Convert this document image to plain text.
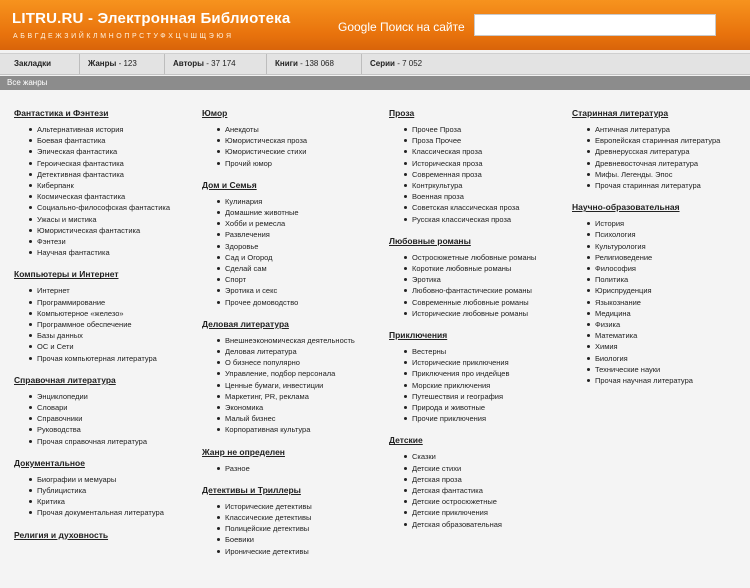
LITRU.RU - Электронная Библиотека
АБВГДЕЖЗИЙКЛМНОПРСТУФХЦЧШЩЭЮЯ
Google Поиск на сайте
Закладки	Жанры - 123	Авторы - 37 174	Книги - 138 068	Серии - 7 052
Все жанры
Фантастика и Фэнтези
Альтернативная история
Боевая фантастика
Эпическая фантастика
Героическая фантастика
Детективная фантастика
Киберпанк
Космическая фантастика
Социально-философская фантастика
Ужасы и мистика
Юмористическая фантастика
Фэнтези
Научная фантастика
Компьютеры и Интернет
Интернет
Программирование
Компьютерное «железо»
Программное обеспечение
Базы данных
ОС и Сети
Прочая компьютерная литература
Справочная литература
Энциклопедии
Словари
Справочники
Руководства
Прочая справочная литература
Документальное
Биографии и мемуары
Публицистика
Критика
Прочая документальная литература
Религия и духовность
Юмор
Анекдоты
Юмористическая проза
Юмористические стихи
Прочий юмор
Дом и Семья
Кулинария
Домашние животные
Хобби и ремесла
Развлечения
Здоровье
Сад и Огород
Сделай сам
Спорт
Эротика и секс
Прочее домоводство
Деловая литература
Внешнеэкономическая деятельность
Деловая литература
О бизнесе популярно
Управление, подбор персонала
Ценные бумаги, инвестиции
Маркетинг, PR, реклама
Экономика
Малый бизнес
Корпоративная культура
Жанр не определен
Разное
Детективы и Триллеры
Исторические детективы
Классические детективы
Полицейские детективы
Боевики
Иронические детективы
Проза
Прочее Проза
Проза Прочее
Классическая проза
Историческая проза
Современная проза
Контркультура
Военная проза
Советская классическая проза
Русская классическая проза
Любовные романы
Остросюжетные любовные романы
Короткие любовные романы
Эротика
Любовно-фантастические романы
Современные любовные романы
Исторические любовные романы
Приключения
Вестерны
Исторические приключения
Приключения про индейцев
Морские приключения
Путешествия и география
Природа и животные
Прочие приключения
Детские
Сказки
Детские стихи
Детская проза
Детская фантастика
Детские остросюжетные
Детские приключения
Детская образовательная
Старинная литература
Античная литература
Европейская старинная литература
Древнерусская литература
Древневосточная литература
Мифы. Легенды. Эпос
Прочая старинная литература
Научно-образовательная
История
Психология
Культурология
Религиоведение
Философия
Политика
Юриспруденция
Языкознание
Медицина
Физика
Математика
Химия
Биология
Технические науки
Прочая научная литература
